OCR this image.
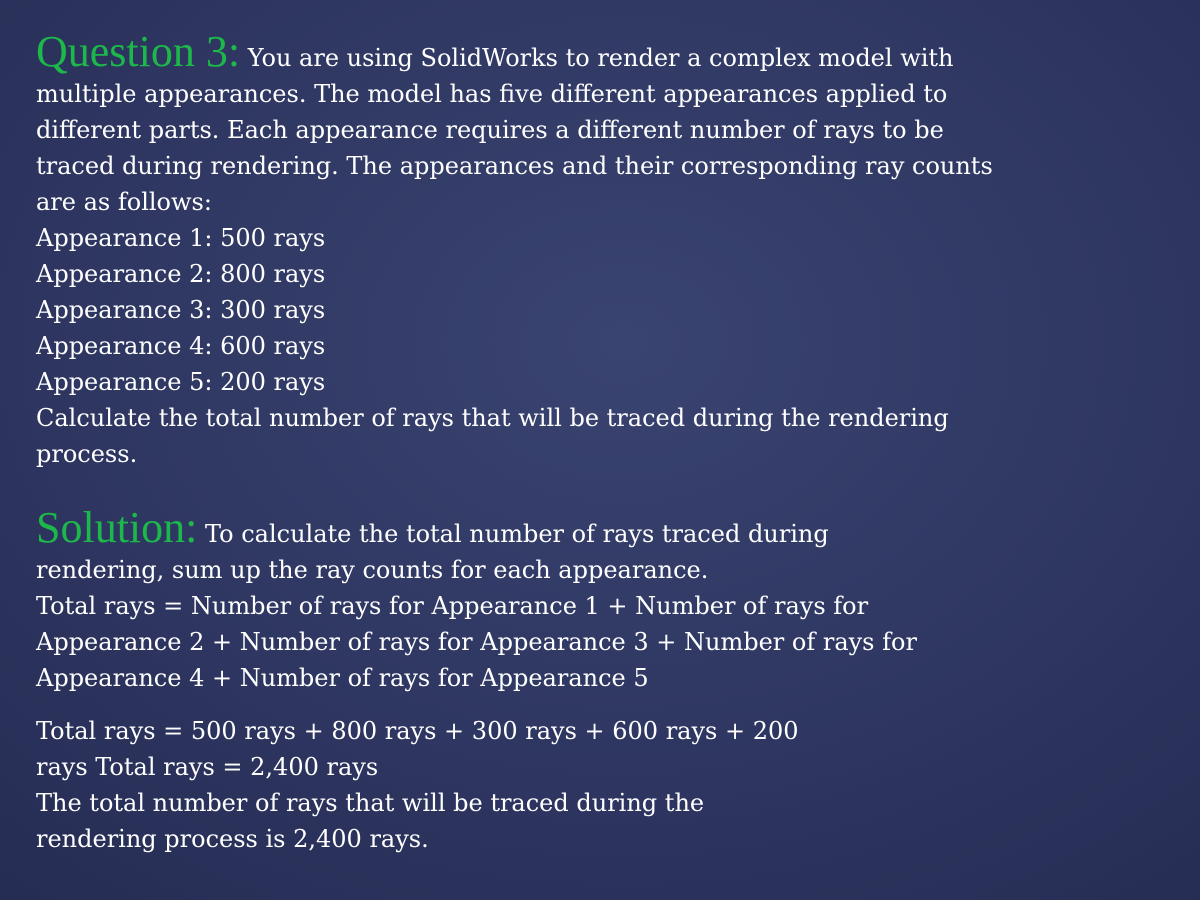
Question 3: You are using SolidWorks to render a complex model with
multiple appearances. The model has five different appearances applied to
different parts. Each appearance requires a different number of rays to be
traced during rendering. The appearances and their corresponding ray counts
are as follows:
Appearance 1: 500 rays
Appearance 2: 800 rays
Appearance 3: 300 rays
Appearance 4: 600 rays
Appearance 5: 200 rays
Calculate the total number of rays that will be traced during the rendering
process.
Solution: To calculate the total number of rays traced during
rendering, sum up the ray counts for each appearance.
Total rays = Number of rays for Appearance 1 + Number of rays for
Appearance 2 + Number of rays for Appearance 3 + Number of rays for
Appearance 4 + Number of rays for Appearance 5
Total rays = 500 rays + 800 rays + 300 rays + 600 rays + 200
rays Total rays = 2,400 rays
The total number of rays that will be traced during the
rendering process is 2,400 rays.
